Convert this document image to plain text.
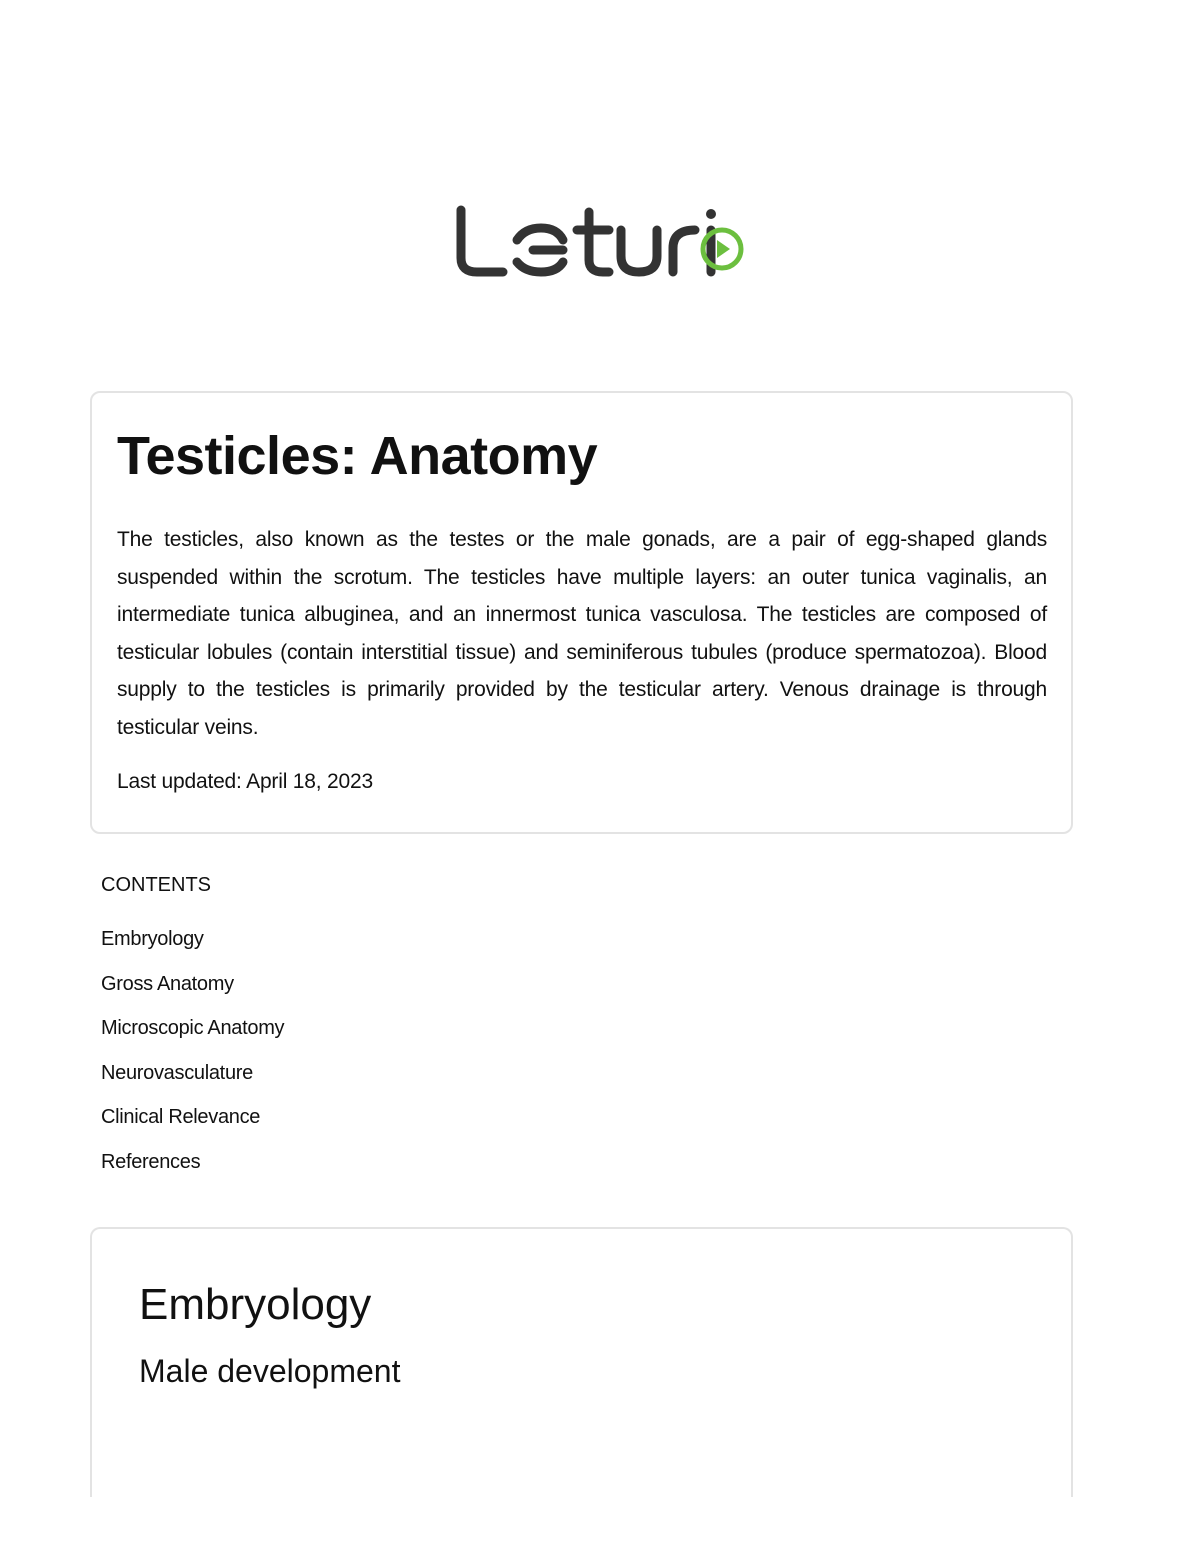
Testicles: Anatomy

The testicles, also known as the testes or the male gonads, are a pair of egg-shaped glands suspended within the scrotum. The testicles have multiple layers: an outer tunica vaginalis, an intermediate tunica albuginea, and an innermost tunica vasculosa. The testicles are composed of testicular lobules (contain interstitial tissue) and seminiferous tubules (produce spermatozoa). Blood supply to the testicles is primarily provided by the testicular artery. Venous drainage is through testicular veins.

Last updated: April 18, 2023

CONTENTS
Embryology
Gross Anatomy
Microscopic Anatomy
Neurovasculature
Clinical Relevance
References
Embryology
Male development
